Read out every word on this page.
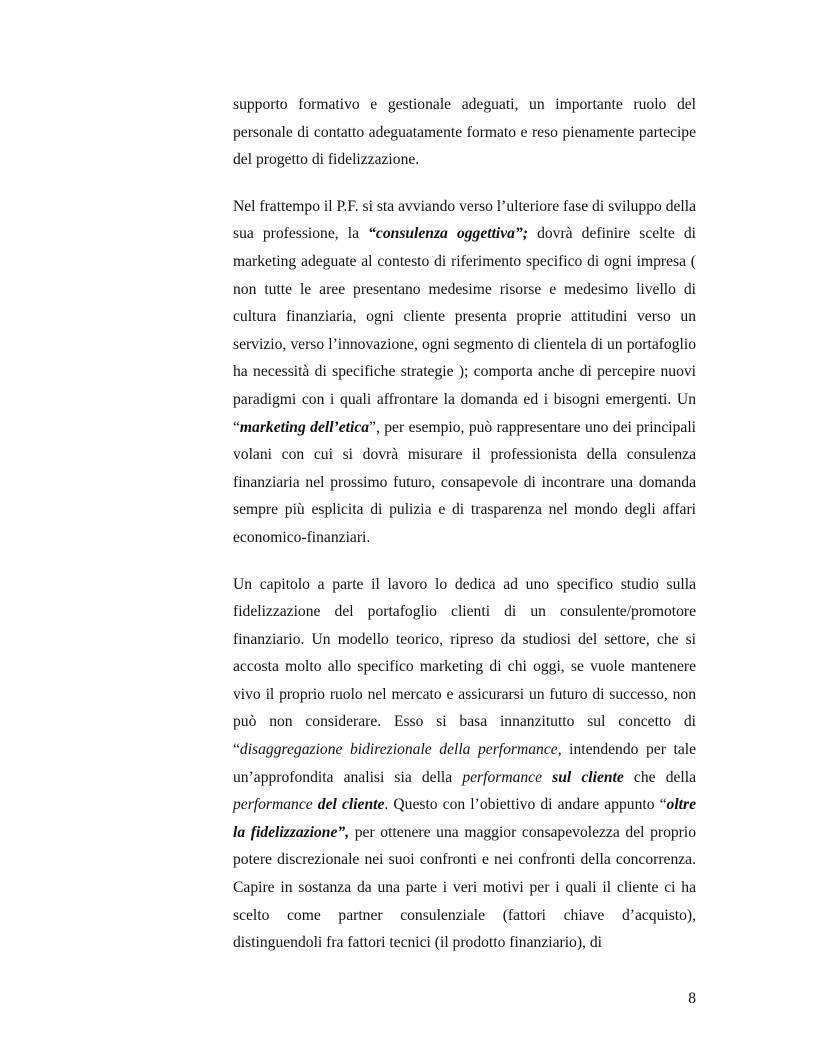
supporto formativo e gestionale adeguati, un importante ruolo del personale di contatto adeguatamente formato e reso pienamente partecipe del progetto di fidelizzazione.

Nel frattempo il P.F. si sta avviando verso l’ulteriore fase di sviluppo della sua professione, la “consulenza oggettiva”; dovrà definire scelte di marketing adeguate al contesto di riferimento specifico di ogni impresa ( non tutte le aree presentano medesime risorse e medesimo livello di cultura finanziaria, ogni cliente presenta proprie attitudini verso un servizio, verso l’innovazione, ogni segmento di clientela di un portafoglio ha necessità di specifiche strategie ); comporta anche di percepire nuovi paradigmi con i quali affrontare la domanda ed i bisogni emergenti. Un “marketing dell’etica”, per esempio, può rappresentare uno dei principali volani con cui si dovrà misurare il professionista della consulenza finanziaria nel prossimo futuro, consapevole di incontrare una domanda sempre più esplicita di pulizia e di trasparenza nel mondo degli affari economico-finanziari.

Un capitolo a parte il lavoro lo dedica ad uno specifico studio sulla fidelizzazione del portafoglio clienti di un consulente/promotore finanziario. Un modello teorico, ripreso da studiosi del settore, che si accosta molto allo specifico marketing di chi oggi, se vuole mantenere vivo il proprio ruolo nel mercato e assicurarsi un futuro di successo, non può non considerare. Esso si basa innanzitutto sul concetto di “disaggregazione bidirezionale della performance, intendendo per tale un’approfondita analisi sia della performance sul cliente che della performance del cliente. Questo con l’obiettivo di andare appunto “oltre la fidelizzazione”, per ottenere una maggior consapevolezza del proprio potere discrezionale nei suoi confronti e nei confronti della concorrenza. Capire in sostanza da una parte i veri motivi per i quali il cliente ci ha scelto come partner consulenziale (fattori chiave d’acquisto), distinguendoli fra fattori tecnici (il prodotto finanziario), di

8
